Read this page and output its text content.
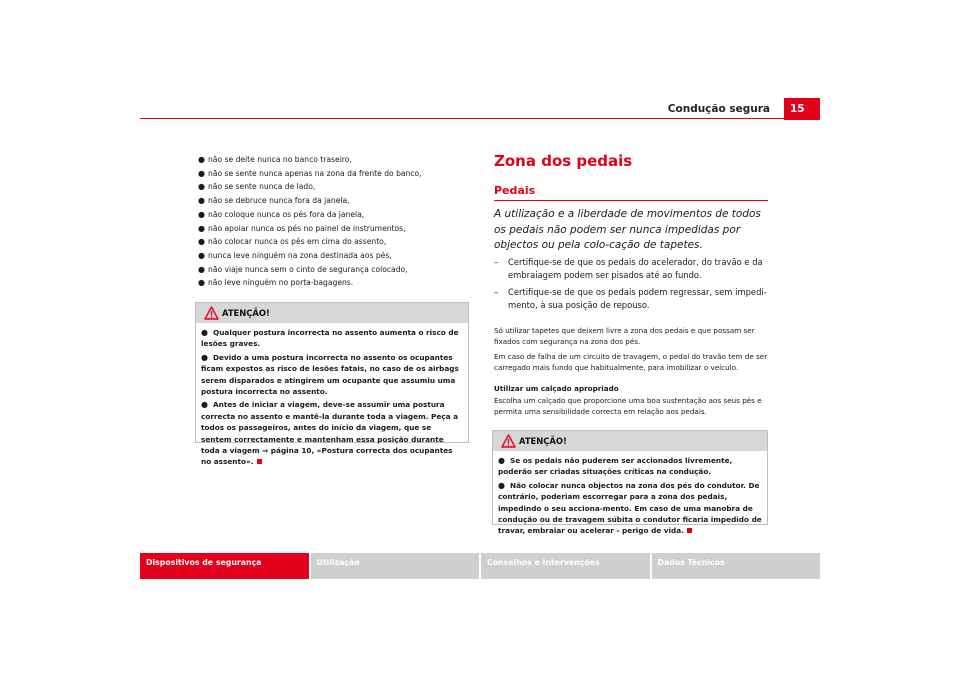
Condução segura	15
● não se deite nunca no banco traseiro,
● não se sente nunca apenas na zona da frente do banco,
● não se sente nunca de lado,
● não se debruce nunca fora da janela,
● não coloque nunca os pés fora da janela,
● não apoiar nunca os pés no painel de instrumentos,
● não colocar nunca os pés em cima do assento,
● nunca leve ninguém na zona destinada aos pés,
● não viaje nunca sem o cinto de segurança colocado,
● não leve ninguém no porta-bagagens.
ATENÇÃO!
● Qualquer postura incorrecta no assento aumenta o risco de lesões graves.
● Devido a uma postura incorrecta no assento os ocupantes ficam expostos as risco de lesões fatais, no caso de os airbags serem disparados e atingirem um ocupante que assumiu uma postura incorrecta no assento.
● Antes de iniciar a viagem, deve-se assumir uma postura correcta no assento e mantê-la durante toda a viagem. Peça a todos os passageiros, antes do início da viagem, que se sentem correctamente e mantenham essa posição durante toda a viagem ⇒ página 10, «Postura correcta dos ocupantes no assento».
Zona dos pedais
Pedais
A utilização e a liberdade de movimentos de todos os pedais não podem ser nunca impedidas por objectos ou pela colo-cação de tapetes.
– Certifique-se de que os pedais do acelerador, do travão e da embraiagem podem ser pisados até ao fundo.
– Certifique-se de que os pedais podem regressar, sem impedi-mento, à sua posição de repouso.
Só utilizar tapetes que deixem livre a zona dos pedais e que possam ser fixados com segurança na zona dos pés.
Em caso de falha de um circuito de travagem, o pedal do travão tem de ser carregado mais fundo que habitualmente, para imobilizar o veículo.
Utilizar um calçado apropriado
Escolha um calçado que proporcione uma boa sustentação aos seus pés e permita uma sensibilidade correcta em relação aos pedais.
ATENÇÃO!
● Se os pedais não puderem ser accionados livremente, poderão ser criadas situações críticas na condução.
● Não colocar nunca objectos na zona dos pés do condutor. De contrário, poderiam escorregar para a zona dos pedais, impedindo o seu acciona-mento. Em caso de uma manobra de condução ou de travagem súbita o condutor ficaria impedido de travar, embraiar ou acelerar - perigo de vida.
Dispositivos de segurança	Utilização	Conselhos e Intervenções	Dados Técnicos
